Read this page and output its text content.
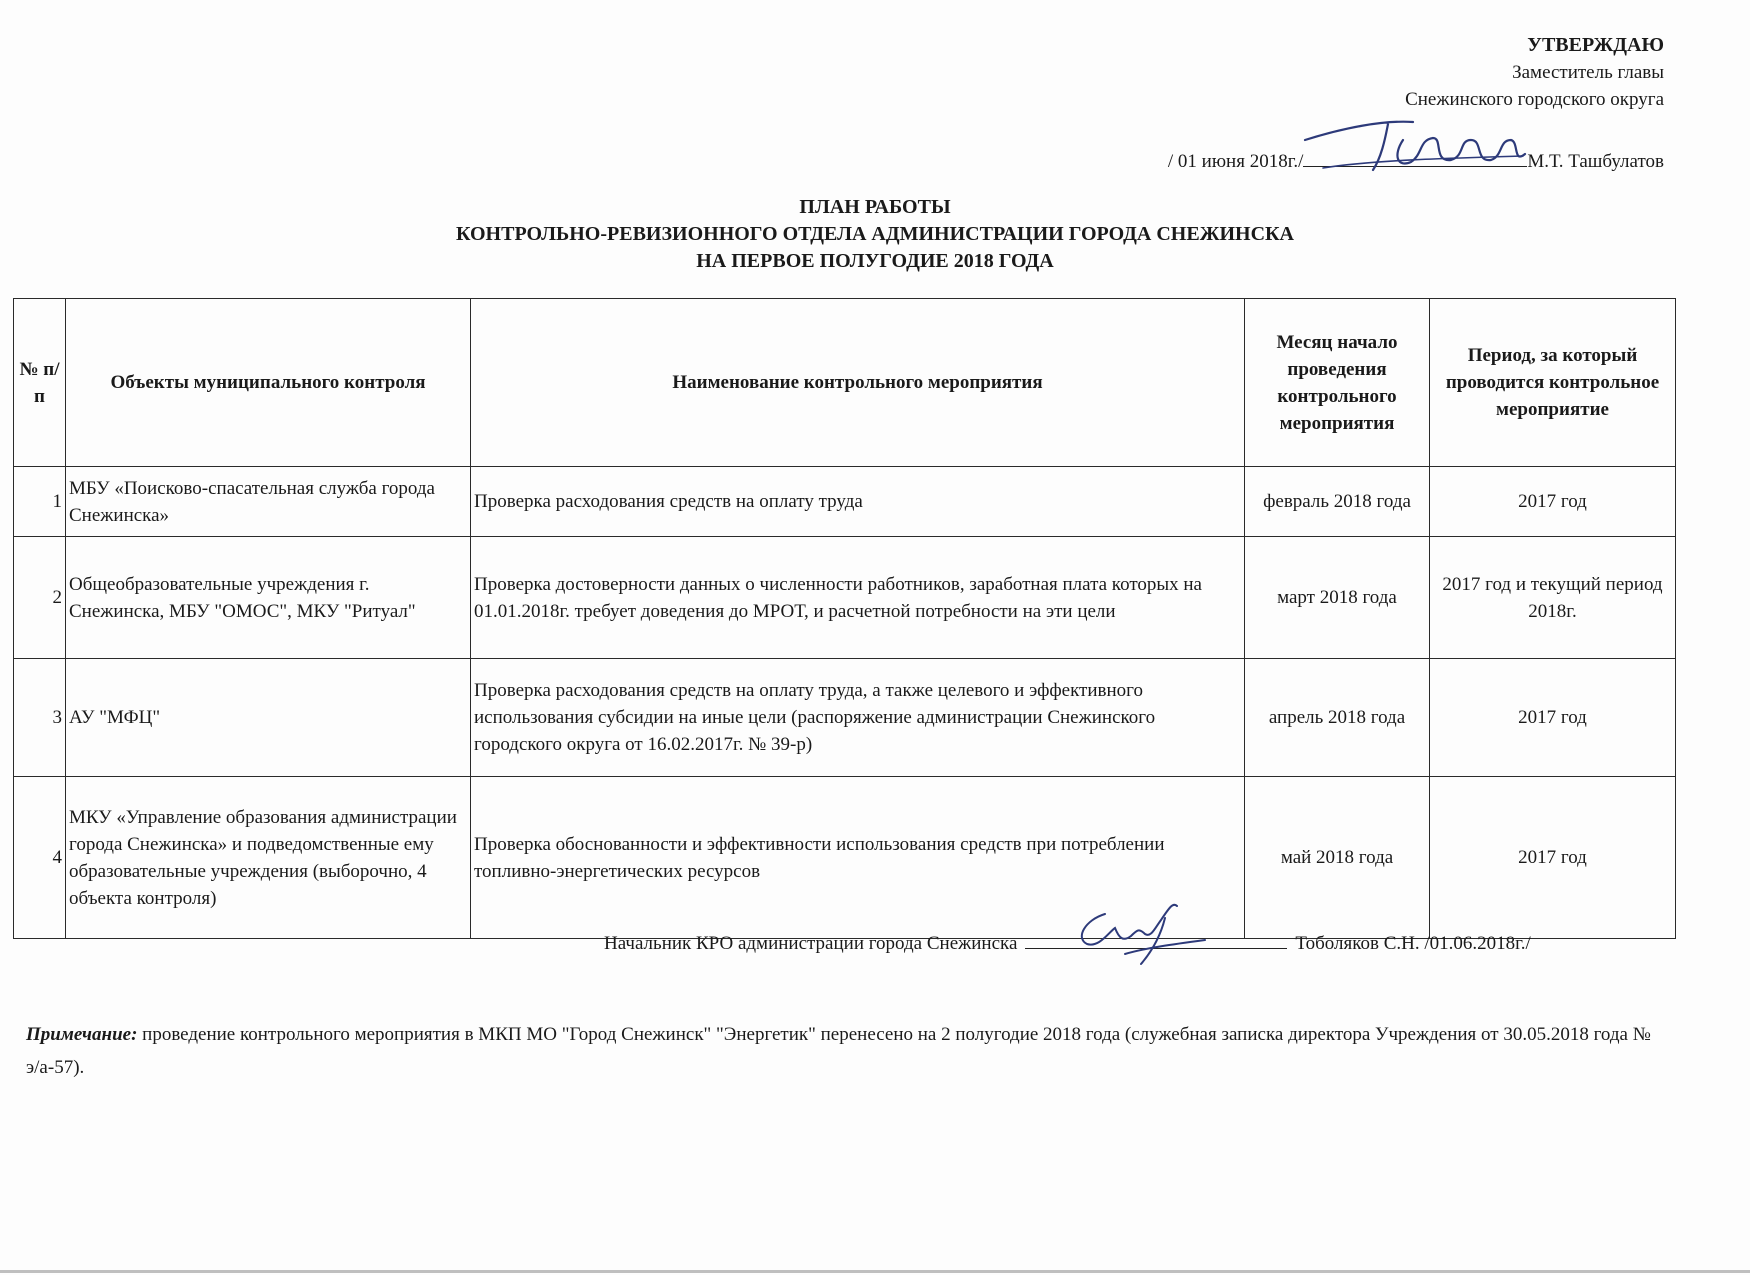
УТВЕРЖДАЮ
Заместитель главы
Снежинского городского округа
/ 01 июня 2018г./	М.Т. Ташбулатов
ПЛАН РАБОТЫ
КОНТРОЛЬНО-РЕВИЗИОННОГО ОТДЕЛА АДМИНИСТРАЦИИ ГОРОДА СНЕЖИНСКА
НА ПЕРВОЕ ПОЛУГОДИЕ 2018 ГОДА
№ п/п	Объекты муниципального контроля	Наименование контрольного мероприятия	Месяц начало проведения контрольного мероприятия	Период, за который проводится контрольное мероприятие
1	МБУ «Поисково-спасательная служба города Снежинска»	Проверка расходования средств на оплату труда	февраль 2018 года	2017 год
2	Общеобразовательные учреждения г. Снежинска, МБУ "ОМОС", МКУ "Ритуал"	Проверка достоверности данных о численности работников, заработная плата которых на 01.01.2018г. требует доведения до МРОТ, и расчетной потребности на эти цели	март 2018 года	2017 год и текущий период 2018г.
3	АУ "МФЦ"	Проверка расходования средств на оплату труда, а также целевого и эффективного использования субсидии на иные цели (распоряжение администрации Снежинского городского округа от 16.02.2017г. № 39-р)	апрель 2018 года	2017 год
4	МКУ «Управление образования администрации города Снежинска» и подведомственные ему образовательные учреждения (выборочно, 4 объекта контроля)	Проверка обоснованности и эффективности использования средств при потреблении топливно-энергетических ресурсов	май 2018 года	2017 год
Начальник КРО администрации города Снежинска	Тоболяков С.Н. /01.06.2018г./
Примечание: проведение контрольного мероприятия в МКП МО "Город Снежинск" "Энергетик" перенесено на 2 полугодие 2018 года (служебная записка директора Учреждения от 30.05.2018 года № э/а-57).
